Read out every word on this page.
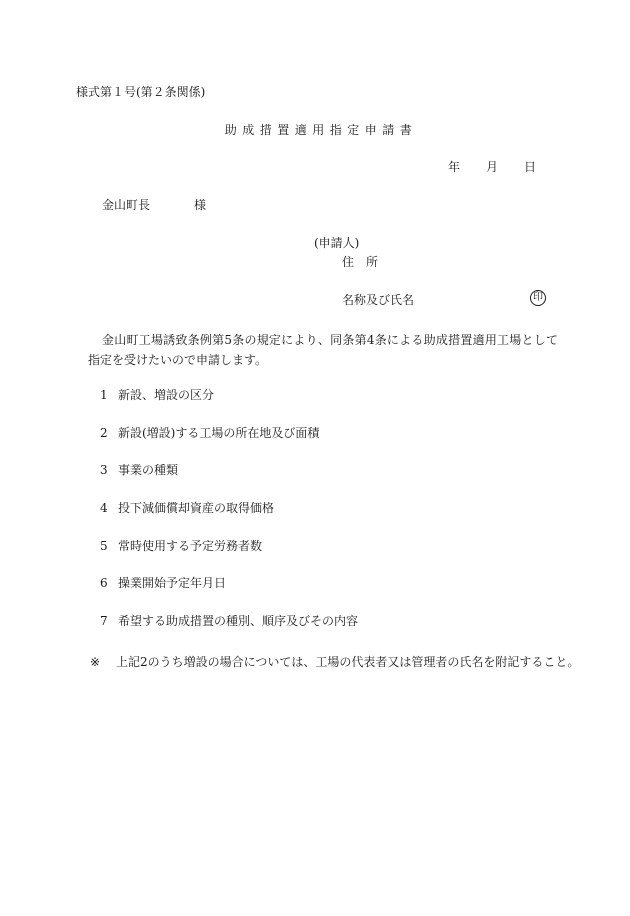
様式第１号(第２条関係)
助成措置適用指定申請書
年 月 日
金山町長	様
(申請人)
住　所
名称及び氏名	印
金山町工場誘致条例第5条の規定により、同条第4条による助成措置適用工場として指定を受けたいので申請します。
1 新設、増設の区分
2 新設(増設)する工場の所在地及び面積
3 事業の種類
4 投下減価償却資産の取得価格
5 常時使用する予定労務者数
6 操業開始予定年月日
7 希望する助成措置の種別、順序及びその内容
※ 上記2のうち増設の場合については、工場の代表者又は管理者の氏名を附記すること。
